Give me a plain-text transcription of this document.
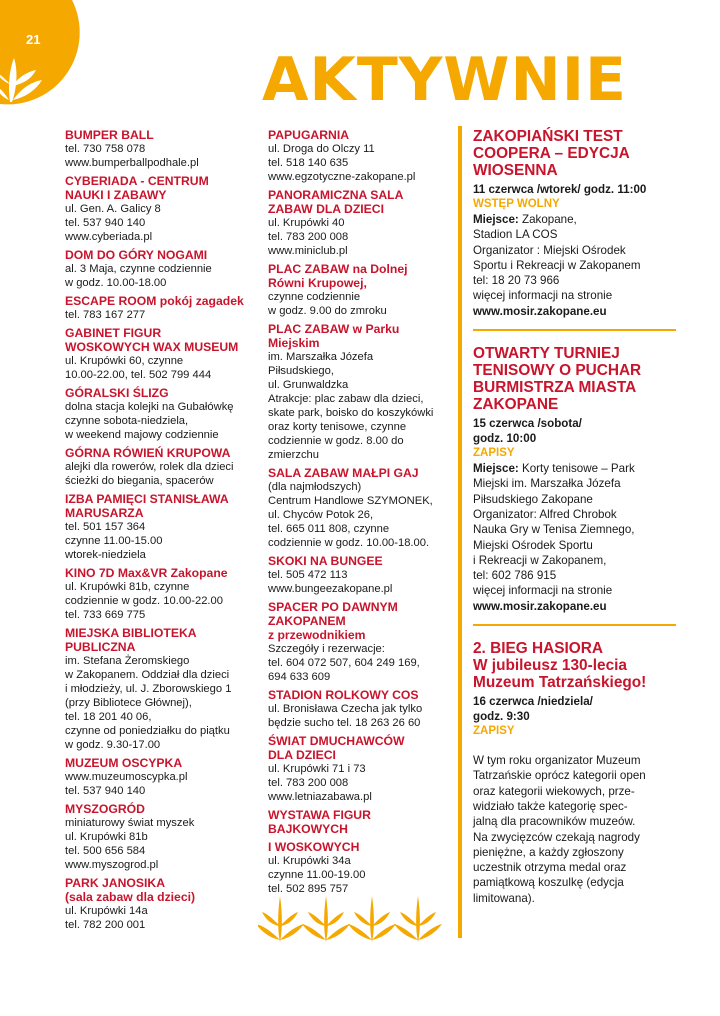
21
AKTYWNIE
BUMPER BALL
tel. 730 758 078
www.bumperballpodhale.pl
CYBERIADA - CENTRUM
NAUKI I ZABAWY
ul. Gen. A. Galicy 8
tel. 537 940 140
www.cyberiada.pl
DOM DO GÓRY NOGAMI
al. 3 Maja, czynne codziennie
w godz. 10.00-18.00
ESCAPE ROOM pokój zagadek
tel. 783 167 277
GABINET FIGUR
WOSKOWYCH WAX MUSEUM
ul. Krupówki 60, czynne
10.00-22.00, tel. 502 799 444
GÓRALSKI ŚLIZG
dolna stacja kolejki na Gubałówkę
czynne sobota-niedziela,
w weekend majowy codziennie
GÓRNA RÓWIEŃ KRUPOWA
alejki dla rowerów, rolek dla dzieci
ścieżki do biegania, spacerów
IZBA PAMIĘCI STANISŁAWA
MARUSARZA
tel. 501 157 364
czynne 11.00-15.00
wtorek-niedziela
KINO 7D Max&VR Zakopane
ul. Krupówki 81b, czynne
codziennie w godz. 10.00-22.00
tel. 733 669 775
MIEJSKA BIBLIOTEKA
PUBLICZNA
im. Stefana Żeromskiego
w Zakopanem. Oddział dla dzieci
i młodzieży, ul. J. Zborowskiego 1
(przy Bibliotece Głównej),
tel. 18 201 40 06,
czynne od poniedziałku do piątku
w godz. 9.30-17.00
MUZEUM OSCYPKA
www.muzeumoscypka.pl
tel. 537 940 140
MYSZOGRÓD
miniaturowy świat myszek
ul. Krupówki 81b
tel. 500 656 584
www.myszogrod.pl
PARK JANOSIKA
(sala zabaw dla dzieci)
ul. Krupówki 14a
tel. 782 200 001
PAPUGARNIA
ul. Droga do Olczy 11
tel. 518 140 635
www.egzotyczne-zakopane.pl
PANORAMICZNA SALA
ZABAW DLA DZIECI
ul. Krupówki 40
tel. 783 200 008
www.miniclub.pl
PLAC ZABAW na Dolnej
Równi Krupowej,
czynne codziennie
w godz. 9.00 do zmroku
PLAC ZABAW w Parku
Miejskim
im. Marszałka Józefa
Piłsudskiego,
ul. Grunwaldzka
Atrakcje: plac zabaw dla dzieci,
skate park, boisko do koszykówki
oraz korty tenisowe, czynne
codziennie w godz. 8.00 do
zmierzchu
SALA ZABAW MAŁPI GAJ
(dla najmłodszych)
Centrum Handlowe SZYMONEK,
ul. Chyców Potok 26,
tel. 665 011 808, czynne
codziennie w godz. 10.00-18.00.
SKOKI NA BUNGEE
tel. 505 472 113
www.bungeezakopane.pl
SPACER PO DAWNYM
ZAKOPANEM
z przewodnikiem
Szczegóły i rezerwacje:
tel. 604 072 507, 604 249 169,
694 633 609
STADION ROLKOWY COS
ul. Bronisława Czecha jak tylko
będzie sucho tel. 18 263 26 60
ŚWIAT DMUCHAWCÓW
DLA DZIECI
ul. Krupówki 71 i 73
tel. 783 200 008
www.letniazabawa.pl
WYSTAWA FIGUR
BAJKOWYCH
I WOSKOWYCH
ul. Krupówki 34a
czynne 11.00-19.00
tel. 502 895 757
ZAKOPIAŃSKI TEST
COOPERA – EDYCJA
WIOSENNA
11 czerwca /wtorek/ godz. 11:00
WSTĘP WOLNY
Miejsce: Zakopane,
Stadion LA COS
Organizator : Miejski Ośrodek
Sportu i Rekreacji w Zakopanem
tel: 18 20 73 966
więcej informacji na stronie
www.mosir.zakopane.eu
OTWARTY TURNIEJ
TENISOWY O PUCHAR
BURMISTRZA MIASTA
ZAKOPANE
15 czerwca /sobota/
godz. 10:00
ZAPISY
Miejsce: Korty tenisowe – Park
Miejski im. Marszałka Józefa
Piłsudskiego Zakopane
Organizator: Alfred Chrobok
Nauka Gry w Tenisa Ziemnego,
Miejski Ośrodek Sportu
i Rekreacji w Zakopanem,
tel: 602 786 915
więcej informacji na stronie
www.mosir.zakopane.eu
2. BIEG HASIORA
W jubileusz 130-lecia
Muzeum Tatrzańskiego!
16 czerwca /niedziela/
godz. 9:30
ZAPISY
W tym roku organizator Muzeum
Tatrzańskie oprócz kategorii open
oraz kategorii wiekowych, prze-
widziało także kategorię spec-
jalną dla pracowników muzeów.
Na zwycięzców czekają nagrody
pieniężne, a każdy zgłoszony
uczestnik otrzyma medal oraz
pamiątkową koszulkę (edycja
limitowana).
